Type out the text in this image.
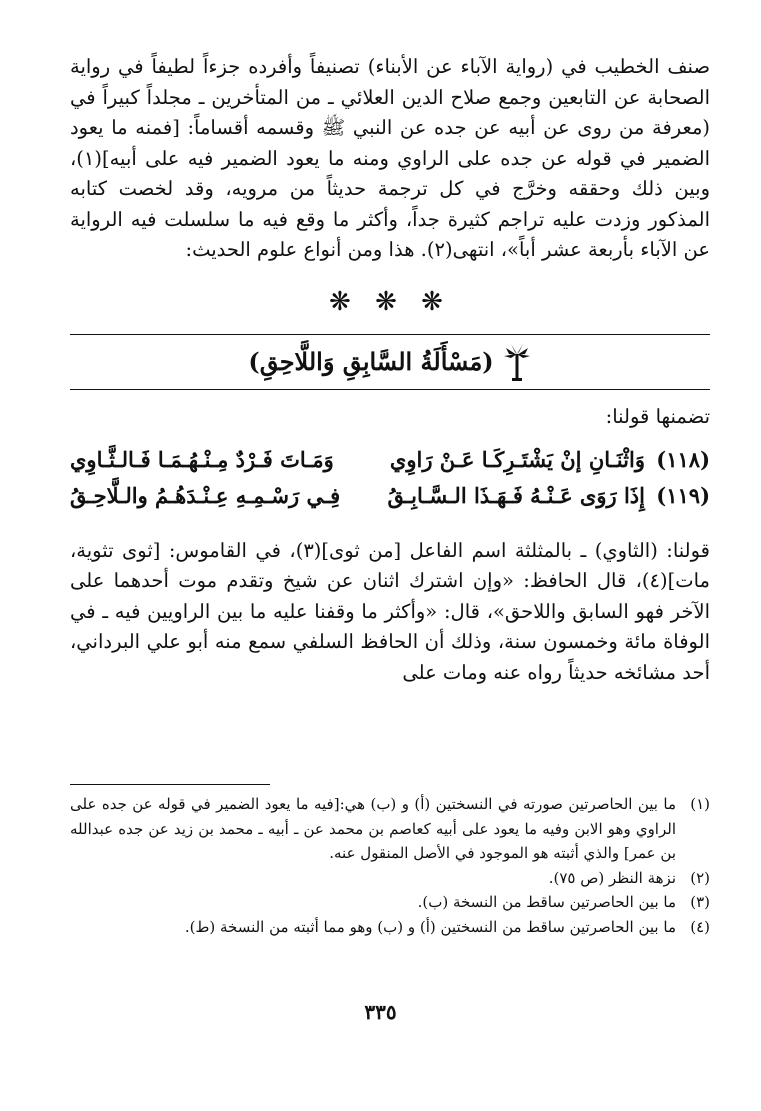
صنف الخطيب في (رواية الآباء عن الأبناء) تصنيفاً وأفرده جزءاً لطيفاً في رواية الصحابة عن التابعين وجمع صلاح الدين العلائي ـ من المتأخرين ـ مجلداً كبيراً في (معرفة من روى عن أبيه عن جده عن النبي ﷺ وقسمه أقساماً: [فمنه ما يعود الضمير في قوله عن جده على الراوي ومنه ما يعود الضمير فيه على أبيه](١)، وبين ذلك وحققه وخرَّج في كل ترجمة حديثاً من مرويه، وقد لخصت كتابه المذكور وزدت عليه تراجم كثيرة جداً، وأكثر ما وقع فيه ما سلسلت فيه الرواية عن الآباء بأربعة عشر أباً»، انتهى(٢). هذا ومن أنواع علوم الحديث:

❋ ❋ ❋
(مَسْأَلَةُ السَّابِقِ وَاللَّاحِقِ)
تضمنها قولنا:
(١١٨) وَاثْنَـانِ إنْ يَشْتَـرِكَـا عَـنْ رَاوِي
وَمَـاتَ فَـرْدٌ مِـنْـهُـمَـا فَـالـثَّـاوِي
(١١٩) إِذَا رَوَى عَـنْـهُ فَـهَـذَا الـسَّـابِـقُ
فِـي رَسْـمِـهِ عِـنْـدَهُـمُ والـلَّاحِـقُ

قولنا: (الثاوي) ـ بالمثلثة اسم الفاعل [من ثوى](٣)، في القاموس: [ثوى تثوية، مات](٤)، قال الحافظ: «وإن اشترك اثنان عن شيخ وتقدم موت أحدهما على الآخر فهو السابق واللاحق»، قال: «وأكثر ما وقفنا عليه ما بين الراويين فيه ـ في الوفاة مائة وخمسون سنة، وذلك أن الحافظ السلفي سمع منه أبو علي البرداني، أحد مشائخه حديثاً رواه عنه ومات على

(١)
ما بين الحاصرتين صورته في النسختين (أ) و (ب) هي:[فيه ما يعود الضمير في قوله عن جده على الراوي وهو الابن وفيه ما يعود على أبيه كعاصم بن محمد عن ـ أبيه ـ محمد بن زيد عن جده عبدالله بن عمر] والذي أثبته هو الموجود في الأصل المنقول عنه.
(٢)
نزهة النظر (ص ٧٥).
(٣)
ما بين الحاصرتين ساقط من النسخة (ب).
(٤)
ما بين الحاصرتين ساقط من النسختين (أ) و (ب) وهو مما أثبته من النسخة (ط).
٣٣٥
